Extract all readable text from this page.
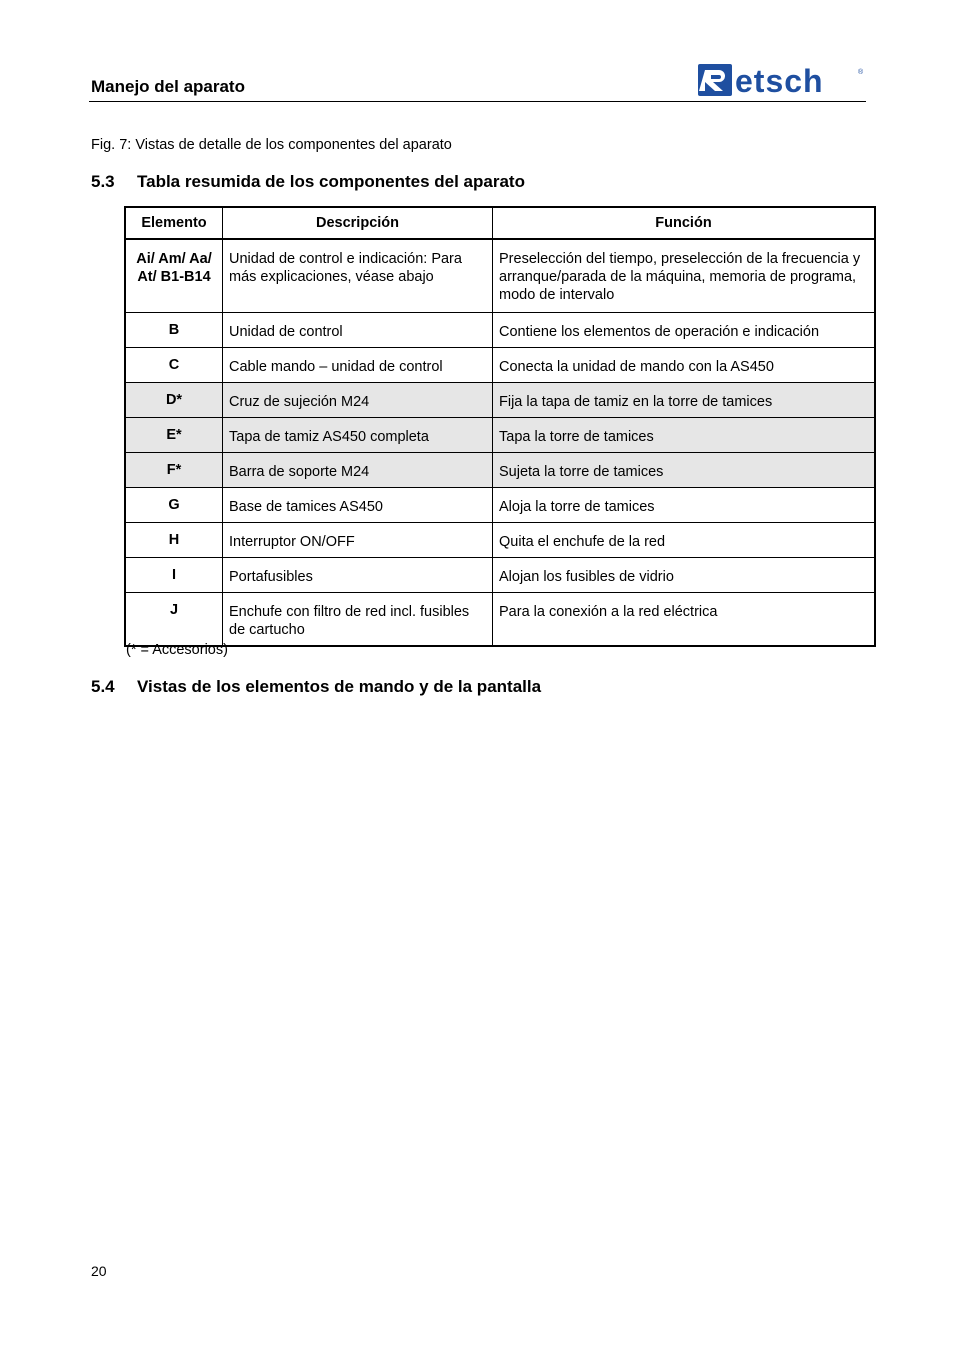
Manejo del aparato	etsch	®
Fig. 7: Vistas de detalle de los componentes del aparato
5.3 Tabla resumida de los componentes del aparato
Elemento	Descripción	Función
Ai/ Am/ Aa/ At/ B1-B14	Unidad de control e indicación: Para más explicaciones, véase abajo	Preselección del tiempo, preselección de la frecuencia y arranque/parada de la máquina, memoria de programa, modo de intervalo
B	Unidad de control	Contiene los elementos de operación e indicación
C	Cable mando – unidad de control	Conecta la unidad de mando con la AS450
D*	Cruz de sujeción M24	Fija la tapa de tamiz en la torre de tamices
E*	Tapa de tamiz AS450 completa	Tapa la torre de tamices
F*	Barra de soporte M24	Sujeta la torre de tamices
G	Base de tamices AS450	Aloja la torre de tamices
H	Interruptor ON/OFF	Quita el enchufe de la red
I	Portafusibles	Alojan los fusibles de vidrio
J	Enchufe con filtro de red incl. fusibles de cartucho	Para la conexión a la red eléctrica
(* = Accesorios)
5.4 Vistas de los elementos de mando y de la pantalla
20
